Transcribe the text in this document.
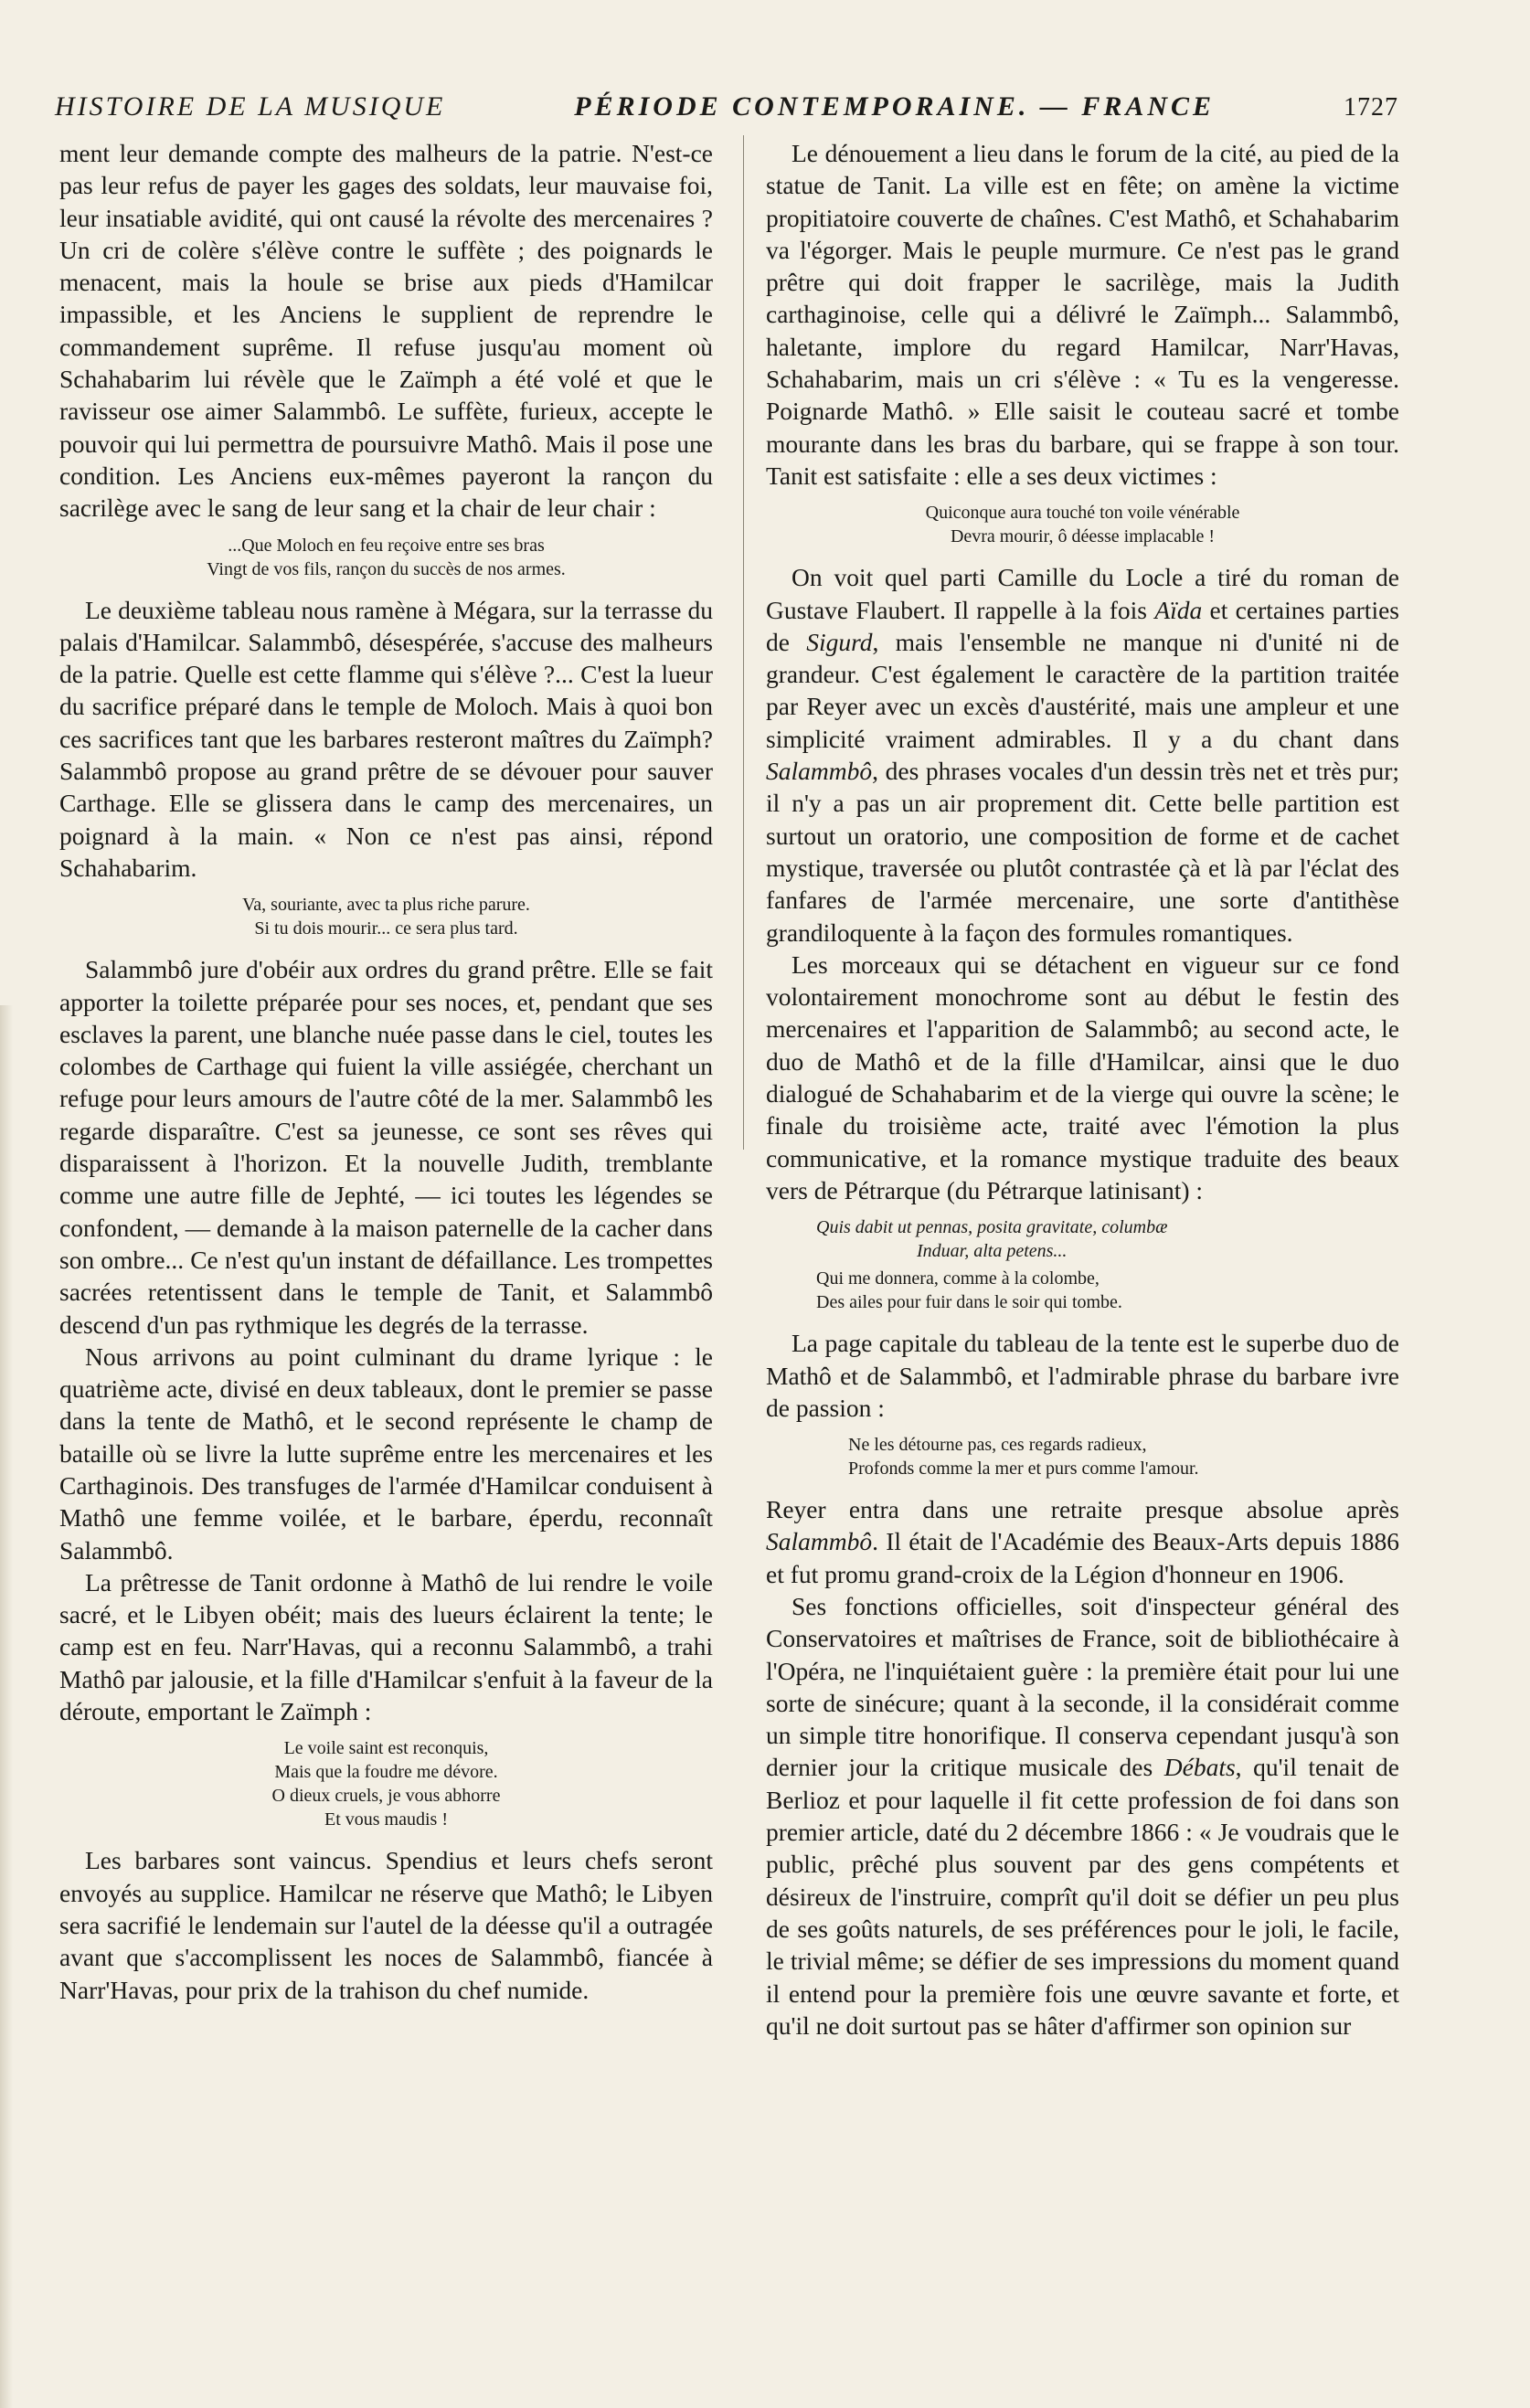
HISTOIRE DE LA MUSIQUE	PÉRIODE CONTEMPORAINE. — FRANCE	1727

ment leur demande compte des malheurs de la patrie. N'est-ce pas leur refus de payer les gages des soldats, leur mauvaise foi, leur insatiable avidité, qui ont causé la révolte des mercenaires ? Un cri de colère s'élève contre le suffète ; des poignards le menacent, mais la houle se brise aux pieds d'Hamilcar impassible, et les Anciens le supplient de reprendre le commandement suprême. Il refuse jusqu'au moment où Schahabarim lui révèle que le Zaïmph a été volé et que le ravisseur ose aimer Salammbô. Le suffète, furieux, accepte le pouvoir qui lui permettra de poursuivre Mathô. Mais il pose une condition. Les Anciens eux-mêmes payeront la rançon du sacrilège avec le sang de leur sang et la chair de leur chair :

...Que Moloch en feu reçoive entre ses bras
Vingt de vos fils, rançon du succès de nos armes.

Le deuxième tableau nous ramène à Mégara, sur la terrasse du palais d'Hamilcar. Salammbô, désespérée, s'accuse des malheurs de la patrie. Quelle est cette flamme qui s'élève ?... C'est la lueur du sacrifice préparé dans le temple de Moloch. Mais à quoi bon ces sacrifices tant que les barbares resteront maîtres du Zaïmph? Salammbô propose au grand prêtre de se dévouer pour sauver Carthage. Elle se glissera dans le camp des mercenaires, un poignard à la main. « Non ce n'est pas ainsi, répond Schahabarim.

Va, souriante, avec ta plus riche parure.
Si tu dois mourir... ce sera plus tard.

Salammbô jure d'obéir aux ordres du grand prêtre. Elle se fait apporter la toilette préparée pour ses noces, et, pendant que ses esclaves la parent, une blanche nuée passe dans le ciel, toutes les colombes de Carthage qui fuient la ville assiégée, cherchant un refuge pour leurs amours de l'autre côté de la mer. Salammbô les regarde disparaître. C'est sa jeunesse, ce sont ses rêves qui disparaissent à l'horizon. Et la nouvelle Judith, tremblante comme une autre fille de Jephté, — ici toutes les légendes se confondent, — demande à la maison paternelle de la cacher dans son ombre... Ce n'est qu'un instant de défaillance. Les trompettes sacrées retentissent dans le temple de Tanit, et Salammbô descend d'un pas rythmique les degrés de la terrasse.

Nous arrivons au point culminant du drame lyrique : le quatrième acte, divisé en deux tableaux, dont le premier se passe dans la tente de Mathô, et le second représente le champ de bataille où se livre la lutte suprême entre les mercenaires et les Carthaginois. Des transfuges de l'armée d'Hamilcar conduisent à Mathô une femme voilée, et le barbare, éperdu, reconnaît Salammbô.

La prêtresse de Tanit ordonne à Mathô de lui rendre le voile sacré, et le Libyen obéit; mais des lueurs éclairent la tente; le camp est en feu. Narr'Havas, qui a reconnu Salammbô, a trahi Mathô par jalousie, et la fille d'Hamilcar s'enfuit à la faveur de la déroute, emportant le Zaïmph :

Le voile saint est reconquis,
Mais que la foudre me dévore.
O dieux cruels, je vous abhorre
Et vous maudis !

Les barbares sont vaincus. Spendius et leurs chefs seront envoyés au supplice. Hamilcar ne réserve que Mathô; le Libyen sera sacrifié le lendemain sur l'autel de la déesse qu'il a outragée avant que s'accomplissent les noces de Salammbô, fiancée à Narr'Havas, pour prix de la trahison du chef numide.

Le dénouement a lieu dans le forum de la cité, au pied de la statue de Tanit. La ville est en fête; on amène la victime propitiatoire couverte de chaînes. C'est Mathô, et Schahabarim va l'égorger. Mais le peuple murmure. Ce n'est pas le grand prêtre qui doit frapper le sacrilège, mais la Judith carthaginoise, celle qui a délivré le Zaïmph... Salammbô, haletante, implore du regard Hamilcar, Narr'Havas, Schahabarim, mais un cri s'élève : « Tu es la vengeresse. Poignarde Mathô. » Elle saisit le couteau sacré et tombe mourante dans les bras du barbare, qui se frappe à son tour. Tanit est satisfaite : elle a ses deux victimes :

Quiconque aura touché ton voile vénérable
Devra mourir, ô déesse implacable !

On voit quel parti Camille du Locle a tiré du roman de Gustave Flaubert. Il rappelle à la fois Aïda et certaines parties de Sigurd, mais l'ensemble ne manque ni d'unité ni de grandeur. C'est également le caractère de la partition traitée par Reyer avec un excès d'austérité, mais une ampleur et une simplicité vraiment admirables. Il y a du chant dans Salammbô, des phrases vocales d'un dessin très net et très pur; il n'y a pas un air proprement dit. Cette belle partition est surtout un oratorio, une composition de forme et de cachet mystique, traversée ou plutôt contrastée çà et là par l'éclat des fanfares de l'armée mercenaire, une sorte d'antithèse grandiloquente à la façon des formules romantiques.

Les morceaux qui se détachent en vigueur sur ce fond volontairement monochrome sont au début le festin des mercenaires et l'apparition de Salammbô; au second acte, le duo de Mathô et de la fille d'Hamilcar, ainsi que le duo dialogué de Schahabarim et de la vierge qui ouvre la scène; le finale du troisième acte, traité avec l'émotion la plus communicative, et la romance mystique traduite des beaux vers de Pétrarque (du Pétrarque latinisant) :

Quis dabit ut pennas, posita gravitate, columbæ
Induar, alta petens...
Qui me donnera, comme à la colombe,
Des ailes pour fuir dans le soir qui tombe.

La page capitale du tableau de la tente est le superbe duo de Mathô et de Salammbô, et l'admirable phrase du barbare ivre de passion :

Ne les détourne pas, ces regards radieux,
Profonds comme la mer et purs comme l'amour.

Reyer entra dans une retraite presque absolue après Salammbô. Il était de l'Académie des Beaux-Arts depuis 1886 et fut promu grand-croix de la Légion d'honneur en 1906.

Ses fonctions officielles, soit d'inspecteur général des Conservatoires et maîtrises de France, soit de bibliothécaire à l'Opéra, ne l'inquiétaient guère : la première était pour lui une sorte de sinécure; quant à la seconde, il la considérait comme un simple titre honorifique. Il conserva cependant jusqu'à son dernier jour la critique musicale des Débats, qu'il tenait de Berlioz et pour laquelle il fit cette profession de foi dans son premier article, daté du 2 décembre 1866 : « Je voudrais que le public, prêché plus souvent par des gens compétents et désireux de l'instruire, comprît qu'il doit se défier un peu plus de ses goûts naturels, de ses préférences pour le joli, le facile, le trivial même; se défier de ses impressions du moment quand il entend pour la première fois une œuvre savante et forte, et qu'il ne doit surtout pas se hâter d'affirmer son opinion sur
